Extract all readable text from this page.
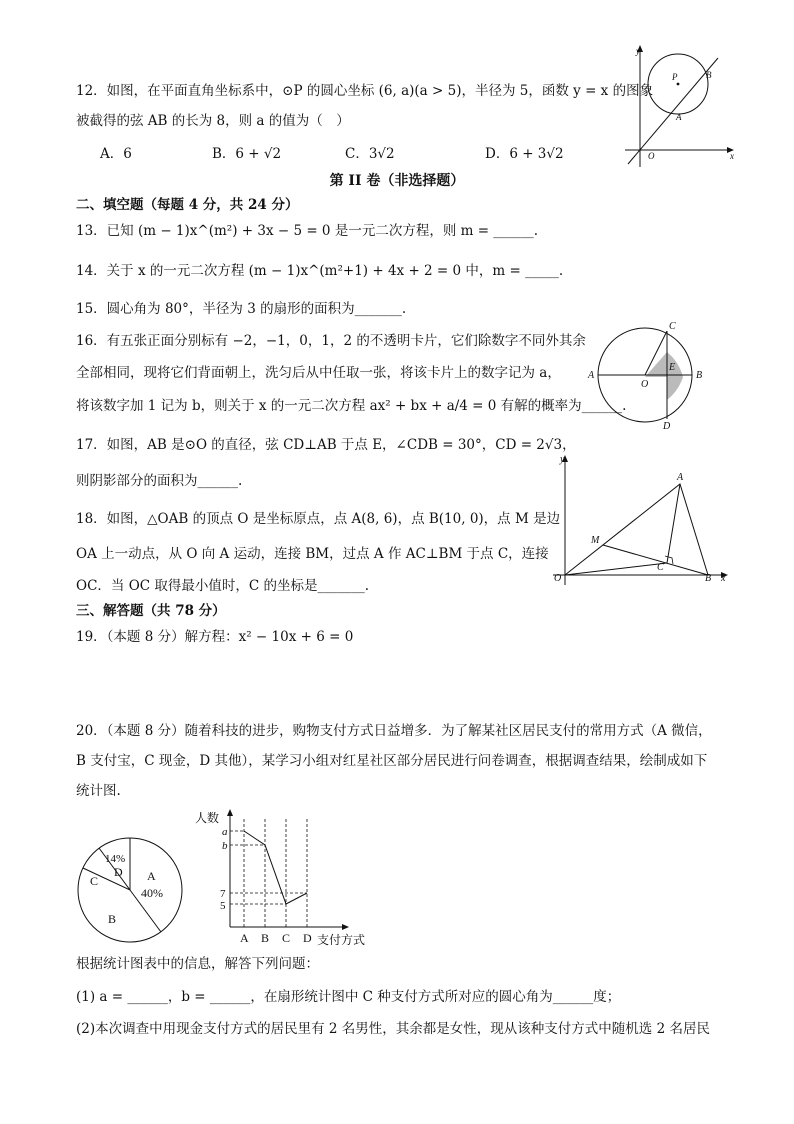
12．如图，在平面直角坐标系中，⊙P 的圆心坐标 (6, a)(a > 5)，半径为 5，函数 y = x 的图象
被截得的弦 AB 的长为 8，则 a 的值为（　）
A．6	B．6 + √2	C．3√2	D．6 + 3√2
y
x
O
P
A
B
第 II 卷（非选择题）
二、填空题（每题 4 分，共 24 分）
13．已知 (m − 1)x^(m²) + 3x − 5 = 0 是一元二次方程，则 m = ______.
14．关于 x 的一元二次方程 (m − 1)x^(m²+1) + 4x + 2 = 0 中，m = _____.
15．圆心角为 80°，半径为 3 的扇形的面积为_______.
16．有五张正面分别标有 −2，−1，0，1，2 的不透明卡片，它们除数字不同外其余
全部相同，现将它们背面朝上，洗匀后从中任取一张，将该卡片上的数字记为 a，
将该数字加 1 记为 b，则关于 x 的一元二次方程 ax² + bx + a/4 = 0 有解的概率为______.
A	B
C
D
E
O
17．如图，AB 是⊙O 的直径，弦 CD⊥AB 于点 E，∠CDB = 30°，CD = 2√3，
则阴影部分的面积为______.
18．如图，△OAB 的顶点 O 是坐标原点，点 A(8, 6)，点 B(10, 0)，点 M 是边
OA 上一动点，从 O 向 A 运动，连接 BM，过点 A 作 AC⊥BM 于点 C，连接
OC．当 OC 取得最小值时，C 的坐标是_______.
y
x
O
A
B
M
C
三、解答题（共 78 分）
19．（本题 8 分）解方程：x² − 10x + 6 = 0
20．（本题 8 分）随着科技的进步，购物支付方式日益增多．为了解某社区居民支付的常用方式（A 微信，
B 支付宝，C 现金，D 其他），某学习小组对红星社区部分居民进行问卷调查，根据调查结果，绘制成如下
统计图.
A
40%
B
C
D
14%
人数
支付方式
a
b
7
5
A B C D
根据统计图表中的信息，解答下列问题：
(1) a = ______，b = ______，在扇形统计图中 C 种支付方式所对应的圆心角为______度；
(2)本次调查中用现金支付方式的居民里有 2 名男性，其余都是女性，现从该种支付方式中随机选 2 名居民
